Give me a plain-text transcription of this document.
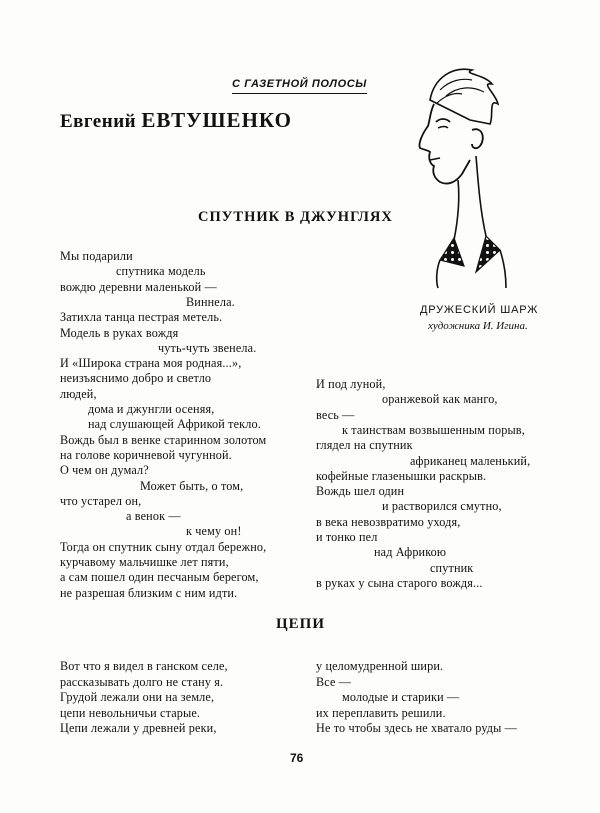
С ГАЗЕТНОЙ ПОЛОСЫ
Евгений ЕВТУШЕНКО
ДРУЖЕСКИЙ ШАРЖ
художника И. Игина.
СПУТНИК В ДЖУНГЛЯХ
Мы подарили
спутника модель
вождю деревни маленькой —
Виннела.
Затихла танца пестрая метель.
Модель в руках вождя
чуть-чуть звенела.
И «Широка страна моя родная...»,
неизъяснимо добро и светло
людей,
дома и джунгли осеняя,
над слушающей Африкой текло.
Вождь был в венке старинном золотом
на голове коричневой чугунной.
О чем он думал?
Может быть, о том,
что устарел он,
а венок —
к чему он!
Тогда он спутник сыну отдал бережно,
курчавому мальчишке лет пяти,
а сам пошел один песчаным берегом,
не разрешая близким с ним идти.
И под луной,
оранжевой как манго,
весь —
к таинствам возвышенным порыв,
глядел на спутник
африканец маленький,
кофейные глазенышки раскрыв.
Вождь шел один
и растворился смутно,
в века невозвратимо уходя,
и тонко пел
над Африкою
спутник
в руках у сына старого вождя...
ЦЕПИ
Вот что я видел в ганском селе,
рассказывать долго не стану я.
Грудой лежали они на земле,
цепи невольничьи старые.
Цепи лежали у древней реки,
у целомудренной шири.
Все —
молодые и старики —
их переплавить решили.
Не то чтобы здесь не хватало руды —
76
